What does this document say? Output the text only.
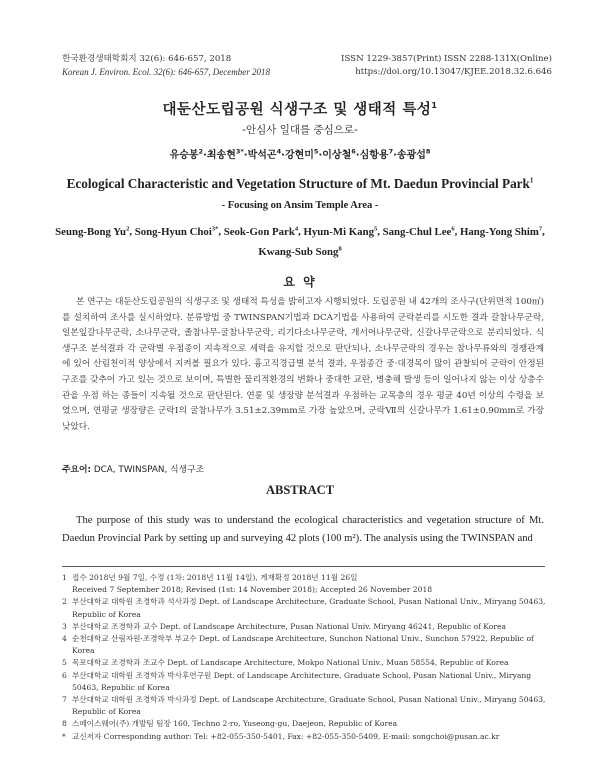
한국환경생태학회지 32(6): 646-657, 2018
Korean J. Environ. Ecol. 32(6): 646-657, December 2018
ISSN 1229-3857(Print) ISSN 2288-131X(Online)
https://doi.org/10.13047/KJEE.2018.32.6.646
대둔산도립공원 식생구조 및 생태적 특성$^1$
-안심사 일대를 중심으로-
유승봉$^2$·최송현$^{3*}$·박석곤$^4$·강현미$^5$·이상철$^6$·심항용$^7$·송광섭$^8$
Ecological Characteristic and Vegetation Structure of Mt. Daedun Provincial Park$^1$
- Focusing on Ansim Temple Area -
Seung-Bong Yu$^2$, Song-Hyun Choi$^{3*}$, Seok-Gon Park$^4$, Hyun-Mi Kang$^5$, Sang-Chul Lee$^6$, Hang-Yong Shim$^7$,
Kwang-Sub Song$^8$
요 약

본 연구는 대둔산도립공원의 식생구조 및 생태적 특성을 밝히고자 시행되었다. 도립공원 내 42개의 조사구(단위면적 100㎡)를 설치하여 조사를 실시하였다. 분류방법 중 TWINSPAN기법과 DCA기법을 사용하여 군락분리를 시도한 결과 갈참나무군락, 일본잎갈나무군락, 소나무군락, 졸참나무-굴참나무군락, 리기다소나무군락, 개서어나무군락, 신갈나무군락으로 분리되었다. 식생구조 분석결과 각 군락별 우점종이 지속적으로 세력을 유지할 것으로 판단되나, 소나무군락의 경우는 참나무류와의 경쟁관계에 있어 산림천이적 양상에서 지켜볼 필요가 있다. 흉고직경급별 분석 결과, 우점종간 중·대경목이 많이 관찰되어 군락이 안정된 구조를 갖추어 가고 있는 것으로 보이며, 특별한 물리적환경의 변화나 중대한 교란, 병충해 발생 등이 일어나지 않는 이상 상층수관을 우점 하는 종들이 지속될 것으로 판단된다. 연륜 및 생장량 분석결과 우점하는 교목층의 경우 평균 40년 이상의 수령을 보였으며, 연평균 생장량은 군락Ⅰ의 굴참나무가 3.51±2.39mm로 가장 높았으며, 군락Ⅶ의 신갈나무가 1.61±0.90mm로 가장 낮았다.

주요어: DCA, TWINSPAN, 식생구조
ABSTRACT

The purpose of this study was to understand the ecological characteristics and vegetation structure of Mt. Daedun Provincial Park by setting up and surveying 42 plots (100 m²). The analysis using the TWINSPAN and

1 접수 2018년 9월 7일, 수정 (1차: 2018년 11월 14일), 게재확정 2018년 11월 26일
Received 7 September 2018; Revised (1st: 14 November 2018); Accepted 26 November 2018
2 부산대학교 대학원 조경학과 석사과정 Dept. of Landscape Architecture, Graduate School, Pusan National Univ., Miryang 50463, Republic of Korea
3 부산대학교 조경학과 교수 Dept. of Landscape Architecture, Pusan National Univ. Miryang 46241, Republic of Korea
4 순천대학교 산림자원·조경학부 부교수 Dept. of Landscape Architecture, Sunchon National Univ., Sunchon 57922, Republic of Korea
5 목포대학교 조경학과 조교수 Dept. of Landscape Architecture, Mokpo National Univ., Muan 58554, Republic of Korea
6 부산대학교 대학원 조경학과 박사후연구원 Dept. of Landscape Architecture, Graduate School, Pusan National Univ., Miryang 50463, Republic of Korea
7 부산대학교 대학원 조경학과 박사과정 Dept. of Landscape Architecture, Graduate School, Pusan National Univ., Miryang 50463, Republic of Korea
8 스페이스웨어(주) 개발팀 팀장 160, Techno 2-ro, Yuseong-gu, Daejeon, Republic of Korea
* 교신저자 Corresponding author: Tel: +82-055-350-5401, Fax: +82-055-350-5409, E-mail: songchoi@pusan.ac.kr
